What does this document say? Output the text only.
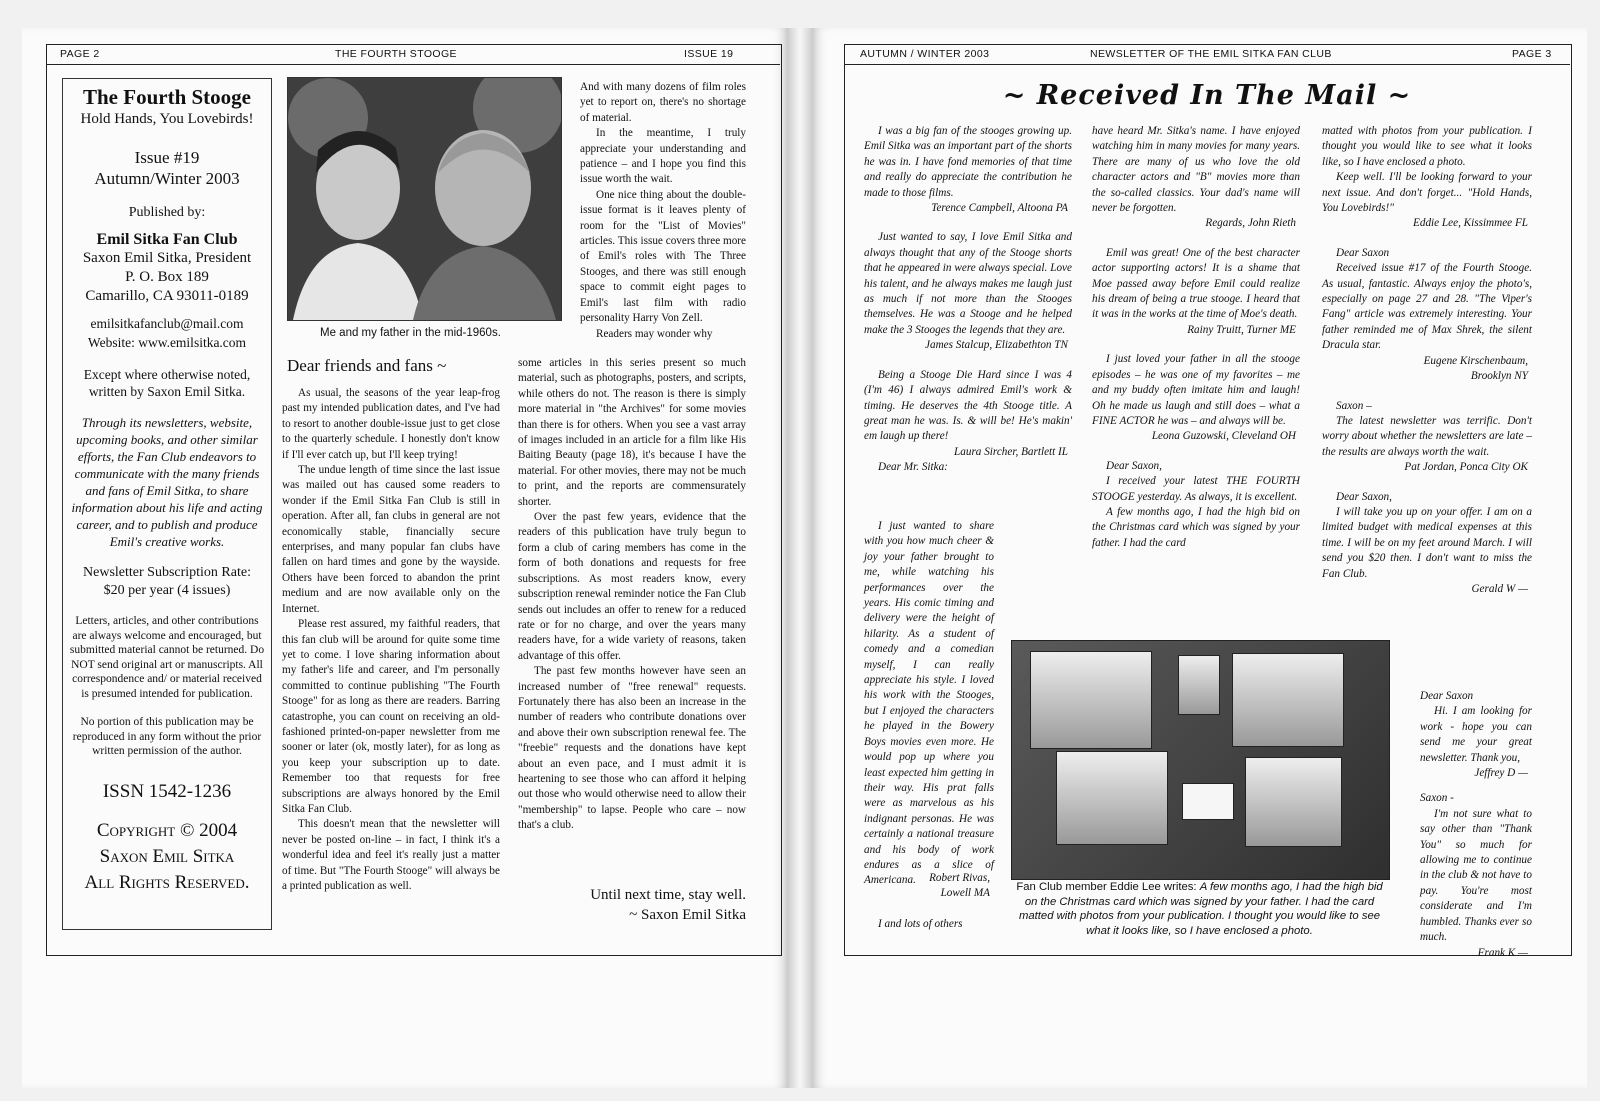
PAGE 2	THE FOURTH STOOGE	ISSUE 19
The Fourth Stooge
Hold Hands, You Lovebirds!
Issue #19
Autumn/Winter 2003
Published by:
Emil Sitka Fan Club
Saxon Emil Sitka, President
P. O. Box 189
Camarillo, CA 93011-0189
emilsitkafanclub@mail.com
Website: www.emilsitka.com
Except where otherwise noted, written by Saxon Emil Sitka.
Through its newsletters, website, upcoming books, and other similar efforts, the Fan Club endeavors to communicate with the many friends and fans of Emil Sitka, to share information about his life and acting career, and to publish and produce Emil's creative works.
Newsletter Subscription Rate:
$20 per year (4 issues)
Letters, articles, and other contributions are always welcome and encouraged, but submitted material cannot be returned. Do NOT send original art or manuscripts. All correspondence and/ or material received is presumed intended for publication.
No portion of this publication may be reproduced in any form without the prior written permission of the author.
ISSN 1542-1236
Copyright © 2004
Saxon Emil Sitka
All Rights Reserved.
Me and my father in the mid-1960s.
Dear friends and fans ~

As usual, the seasons of the year leap-frog past my intended publication dates, and I've had to resort to another double-issue just to get close to the quarterly schedule. I honestly don't know if I'll ever catch up, but I'll keep trying!

The undue length of time since the last issue was mailed out has caused some readers to wonder if the Emil Sitka Fan Club is still in operation. After all, fan clubs in general are not economically stable, financially secure enterprises, and many popular fan clubs have fallen on hard times and gone by the wayside. Others have been forced to abandon the print medium and are now available only on the Internet.

Please rest assured, my faithful readers, that this fan club will be around for quite some time yet to come. I love sharing information about my father's life and career, and I'm personally committed to continue publishing "The Fourth Stooge" for as long as there are readers. Barring catastrophe, you can count on receiving an old-fashioned printed-on-paper newsletter from me sooner or later (ok, mostly later), for as long as you keep your subscription up to date. Remember too that requests for free subscriptions are always honored by the Emil Sitka Fan Club.

This doesn't mean that the newsletter will never be posted on-line – in fact, I think it's a wonderful idea and feel it's really just a matter of time. But "The Fourth Stooge" will always be a printed publication as well.

And with many dozens of film roles yet to report on, there's no shortage of material.

In the meantime, I truly appreciate your understanding and patience – and I hope you find this issue worth the wait.

One nice thing about the double-issue format is it leaves plenty of room for the "List of Movies" articles. This issue covers three more of Emil's roles with The Three Stooges, and there was still enough space to commit eight pages to Emil's last film with radio personality Harry Von Zell.

Readers may wonder why

some articles in this series present so much material, such as photographs, posters, and scripts, while others do not. The reason is there is simply more material in "the Archives" for some movies than there is for others. When you see a vast array of images included in an article for a film like His Baiting Beauty (page 18), it's because I have the material. For other movies, there may not be much to print, and the reports are commensurately shorter.

Over the past few years, evidence that the readers of this publication have truly begun to form a club of caring members has come in the form of both donations and requests for free subscriptions. As most readers know, every subscription renewal reminder notice the Fan Club sends out includes an offer to renew for a reduced rate or for no charge, and over the years many readers have, for a wide variety of reasons, taken advantage of this offer.

The past few months however have seen an increased number of "free renewal" requests. Fortunately there has also been an increase in the number of readers who contribute donations over and above their own subscription renewal fee. The "freebie" requests and the donations have kept about an even pace, and I must admit it is heartening to see those who can afford it helping out those who would otherwise need to allow their "membership" to lapse. People who care – now that's a club.

Until next time, stay well.
~ Saxon Emil Sitka
AUTUMN / WINTER 2003	NEWSLETTER OF THE EMIL SITKA FAN CLUB	PAGE 3
~ Received In The Mail ~

I was a big fan of the stooges growing up. Emil Sitka was an important part of the shorts he was in. I have fond memories of that time and really do appreciate the contribution he made to those films.

Terence Campbell, Altoona PA

Just wanted to say, I love Emil Sitka and always thought that any of the Stooge shorts that he appeared in were always special. Love his talent, and he always makes me laugh just as much if not more than the Stooges themselves. He was a Stooge and he helped make the 3 Stooges the legends that they are.

James Stalcup, Elizabethton TN

Being a Stooge Die Hard since I was 4 (I'm 46) I always admired Emil's work & timing. He deserves the 4th Stooge title. A great man he was. Is. & will be! He's makin' em laugh up there!

Laura Sircher, Bartlett IL

Dear Mr. Sitka:

I just wanted to share with you how much cheer & joy your father brought to me, while watching his performances over the years. His comic timing and delivery were the height of hilarity. As a student of comedy and a comedian myself, I can really appreciate his style. I loved his work with the Stooges, but I enjoyed the characters he played in the Bowery Boys movies even more. He would pop up where you least expected him getting in their way. His prat falls were as marvelous as his indignant personas. He was certainly a national treasure and his body of work endures as a slice of Americana.	Robert Rivas,

Lowell MA

I and lots of others

have heard Mr. Sitka's name. I have enjoyed watching him in many movies for many years. There are many of us who love the old character actors and "B" movies more than the so-called classics. Your dad's name will never be forgotten.

Regards, John Rieth

Emil was great! One of the best character actor supporting actors! It is a shame that Moe passed away before Emil could realize his dream of being a true stooge. I heard that it was in the works at the time of Moe's death.

Rainy Truitt, Turner ME

I just loved your father in all the stooge episodes – he was one of my favorites – me and my buddy often imitate him and laugh! Oh he made us laugh and still does – what a FINE ACTOR he was – and always will be.

Leona Guzowski, Cleveland OH

Dear Saxon,

I received your latest THE FOURTH STOOGE yesterday. As always, it is excellent.

A few months ago, I had the high bid on the Christmas card which was signed by your father. I had the card

matted with photos from your publication. I thought you would like to see what it looks like, so I have enclosed a photo.

Keep well. I'll be looking forward to your next issue. And don't forget... "Hold Hands, You Lovebirds!"

Eddie Lee, Kissimmee FL

Dear Saxon

Received issue #17 of the Fourth Stooge. As usual, fantastic. Always enjoy the photo's, especially on page 27 and 28. "The Viper's Fang" article was extremely interesting. Your father reminded me of Max Shrek, the silent Dracula star.

Eugene Kirschenbaum,

Brooklyn NY

Saxon –

The latest newsletter was terrific. Don't worry about whether the newsletters are late – the results are always worth the wait.

Pat Jordan, Ponca City OK

Dear Saxon,

I will take you up on your offer. I am on a limited budget with medical expenses at this time. I will be on my feet around March. I will send you $20 then. I don't want to miss the Fan Club.

Gerald W —

Dear Saxon

Hi. I am looking for work - hope you can send me your great newsletter. Thank you,

Jeffrey D —

Saxon -

I'm not sure what to say other than "Thank You" so much for allowing me to continue in the club & not have to pay. You're most considerate and I'm humbled. Thanks ever so much.

Frank K —

Fan Club member Eddie Lee writes: A few months ago, I had the high bid on the Christmas card which was signed by your father. I had the card matted with photos from your publication. I thought you would like to see what it looks like, so I have enclosed a photo.
